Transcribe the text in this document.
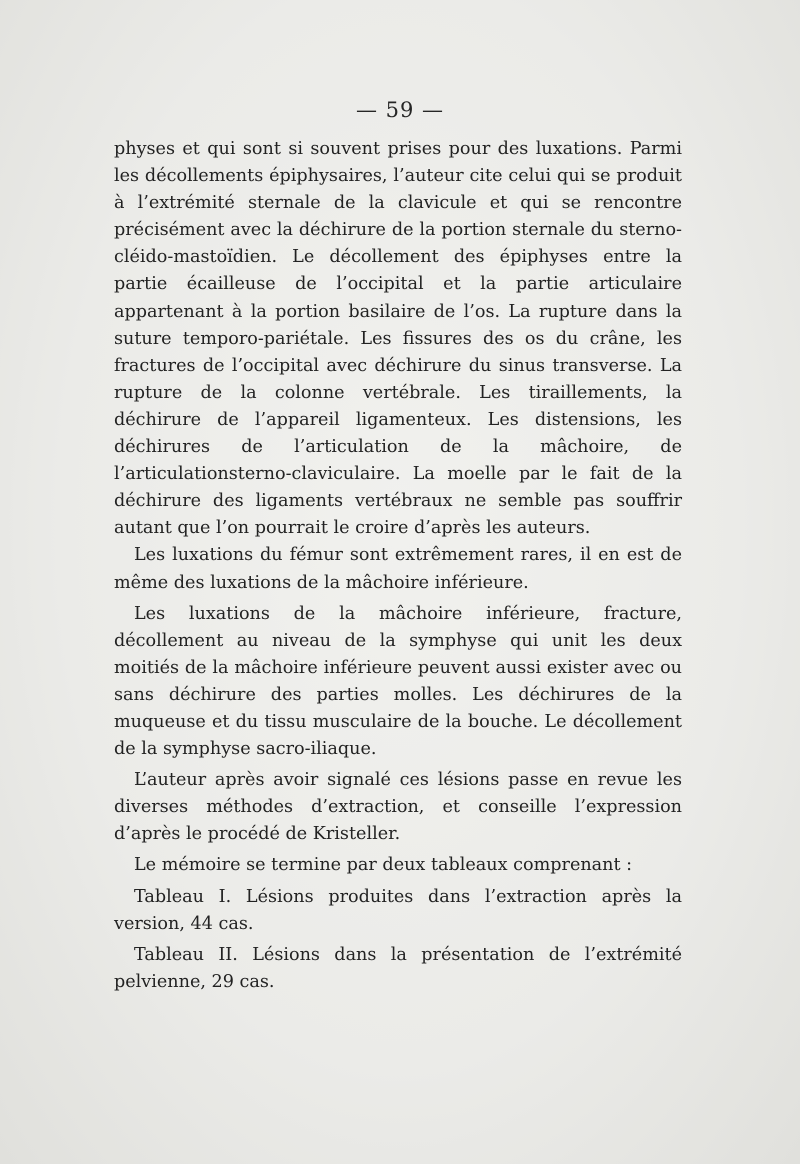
— 59 —

physes et qui sont si souvent prises pour des luxations. Parmi les décollements épiphysaires, l’auteur cite celui qui se produit à l’extrémité sternale de la clavicule et qui se rencontre précisément avec la déchirure de la portion sternale du sterno-cléido-mastoïdien. Le décollement des épiphyses entre la partie écailleuse de l’occipital et la partie articulaire appartenant à la portion basilaire de l’os. La rupture dans la suture temporo-pariétale. Les fissures des os du crâne, les fractures de l’occipital avec déchirure du sinus transverse. La rupture de la colonne vertébrale. Les tiraillements, la déchirure de l’appareil ligamenteux. Les distensions, les déchirures de l’articulation de la mâchoire, de l’articulationsterno-claviculaire. La moelle par le fait de la déchirure des ligaments vertébraux ne semble pas souffrir autant que l’on pourrait le croire d’après les auteurs.

Les luxations du fémur sont extrêmement rares, il en est de même des luxations de la mâchoire inférieure.

Les luxations de la mâchoire inférieure, fracture, décollement au niveau de la symphyse qui unit les deux moitiés de la mâchoire inférieure peuvent aussi exister avec ou sans déchirure des parties molles. Les déchirures de la muqueuse et du tissu musculaire de la bouche. Le décollement de la symphyse sacro-iliaque.

L’auteur après avoir signalé ces lésions passe en revue les diverses méthodes d’extraction, et conseille l’expression d’après le procédé de Kristeller.

Le mémoire se termine par deux tableaux comprenant :

Tableau I. Lésions produites dans l’extraction après la version, 44 cas.

Tableau II. Lésions dans la présentation de l’extrémité pelvienne, 29 cas.
